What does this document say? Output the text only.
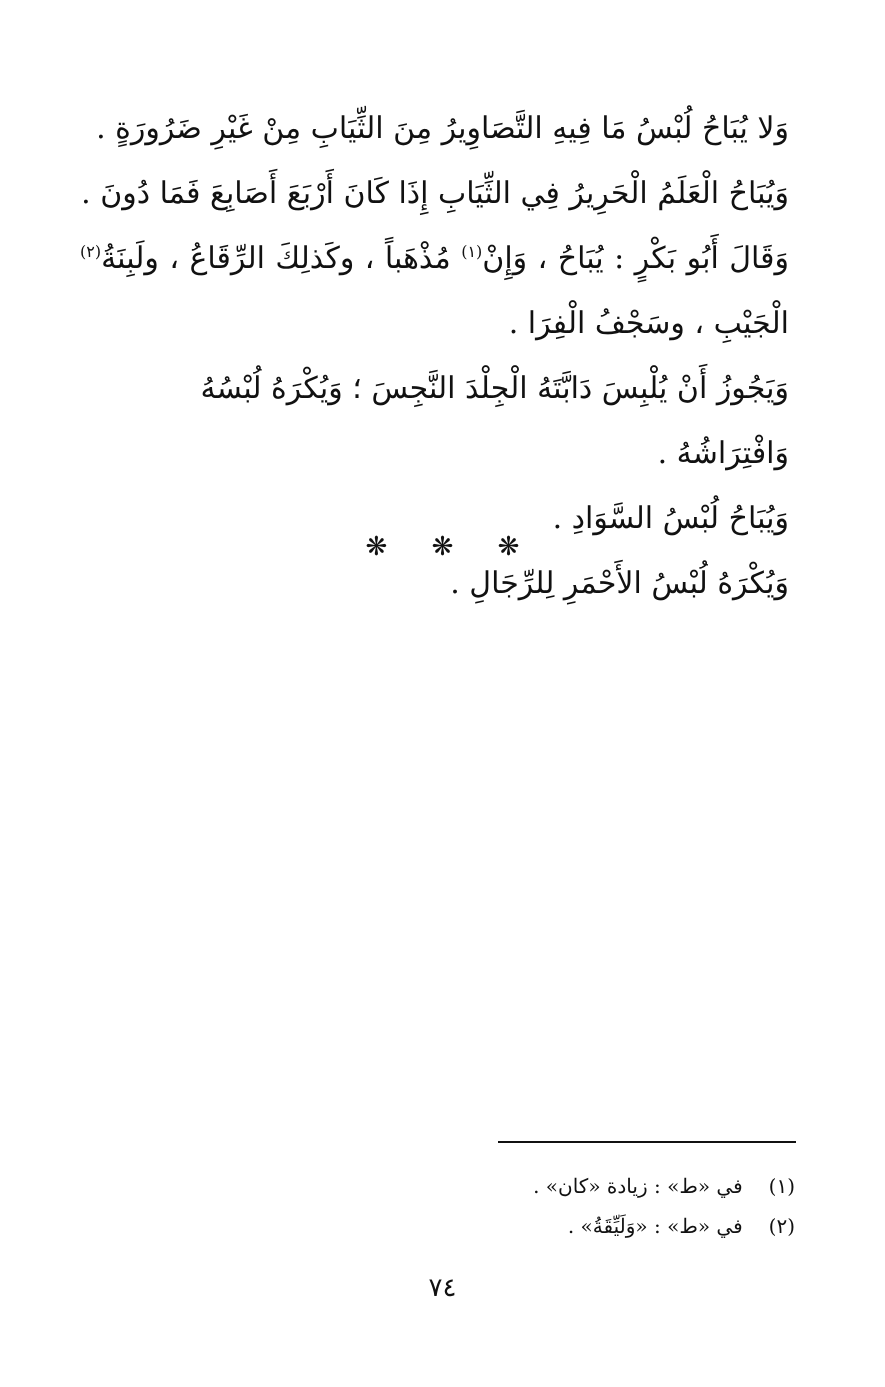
وَلا يُبَاحُ لُبْسُ مَا فِيهِ التَّصَاوِيرُ مِنَ الثِّيَابِ مِنْ غَيْرِ ضَرُورَةٍ .

وَيُبَاحُ الْعَلَمُ الْحَرِيرُ فِي الثِّيَابِ إِذَا كَانَ أَرْبَعَ أَصَابِعَ فَمَا دُونَ .

وَقَالَ أَبُو بَكْرٍ : يُبَاحُ ، وَإِنْ$^{(١)}$ مُذْهَباً ، وكَذلِكَ الرِّقَاعُ ، ولَبِنَةُ$^{(٢)}$ الْجَيْبِ ، وسَجْفُ الْفِرَا .

وَيَجُوزُ أَنْ يُلْبِسَ دَابَّتَهُ الْجِلْدَ النَّجِسَ ؛ وَيُكْرَهُ لُبْسُهُ وَافْتِرَاشُهُ .

وَيُبَاحُ لُبْسُ السَّوَادِ .

وَيُكْرَهُ لُبْسُ الأَحْمَرِ لِلرِّجَالِ .

❋ ❋ ❋

(١) في «ط» : زيادة «كان» .

(٢) في «ط» : «وَلَيِّقَةُ» .

٧٤
